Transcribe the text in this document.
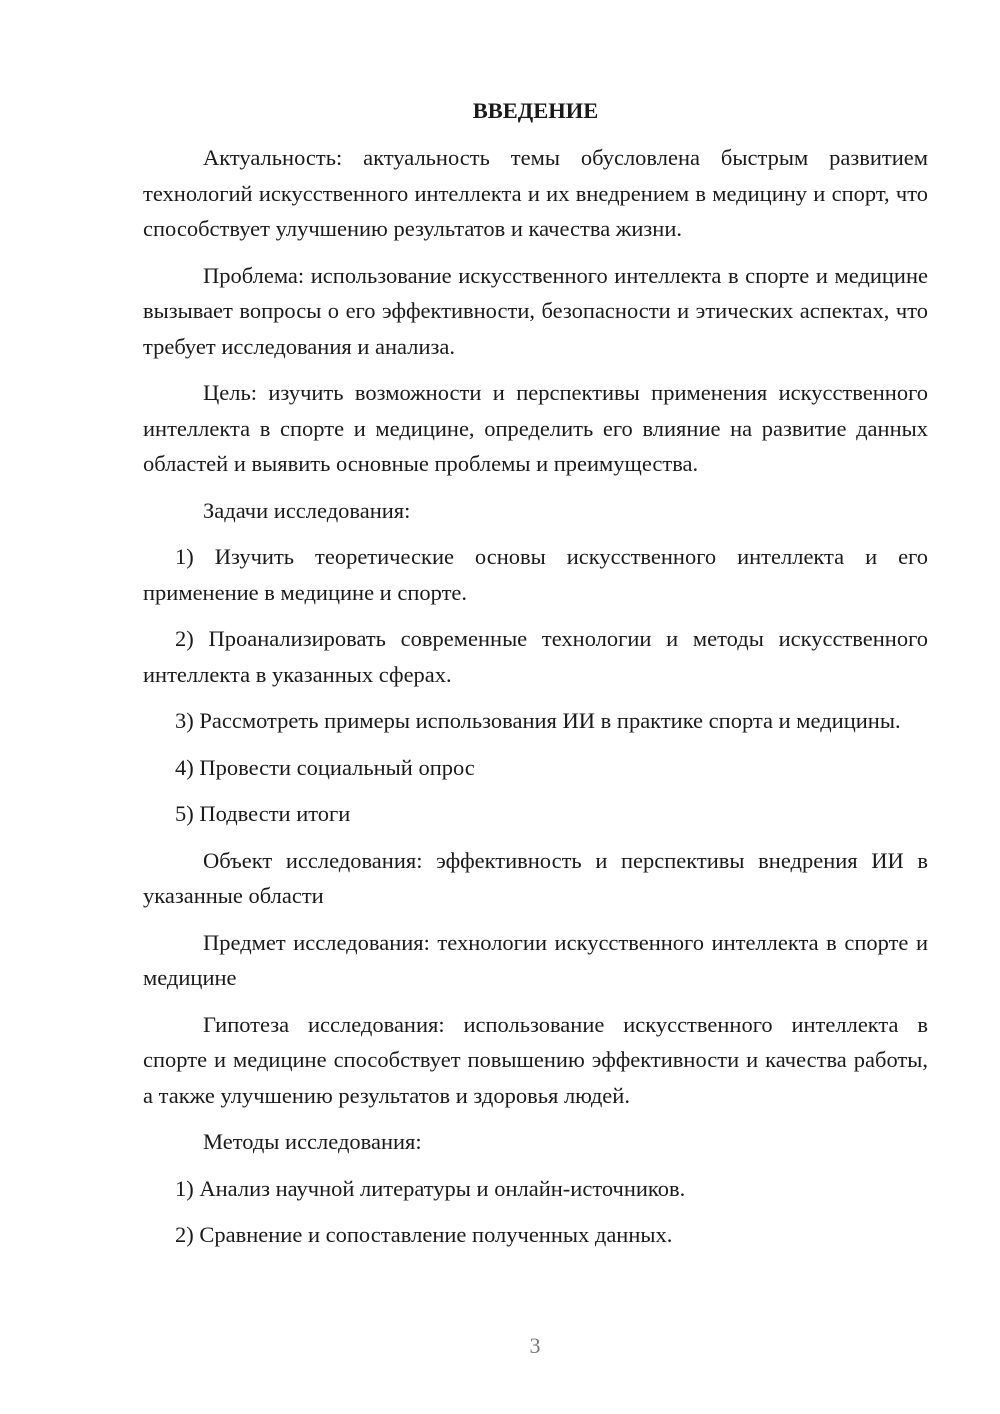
ВВЕДЕНИЕ

Актуальность: актуальность темы обусловлена быстрым развитием технологий искусственного интеллекта и их внедрением в медицину и спорт, что способствует улучшению результатов и качества жизни.

Проблема: использование искусственного интеллекта в спорте и медицине вызывает вопросы о его эффективности, безопасности и этических аспектах, что требует исследования и анализа.

Цель: изучить возможности и перспективы применения искусственного интеллекта в спорте и медицине, определить его влияние на развитие данных областей и выявить основные проблемы и преимущества.

Задачи исследования:

1) Изучить теоретические основы искусственного интеллекта и его применение в медицине и спорте.

2) Проанализировать современные технологии и методы искусственного интеллекта в указанных сферах.

3) Рассмотреть примеры использования ИИ в практике спорта и медицины.

4) Провести социальный опрос

5) Подвести итоги

Объект исследования: эффективность и перспективы внедрения ИИ в указанные области

Предмет исследования: технологии искусственного интеллекта в спорте и медицине

Гипотеза исследования: использование искусственного интеллекта в спорте и медицине способствует повышению эффективности и качества работы, а также улучшению результатов и здоровья людей.

Методы исследования:

1) Анализ научной литературы и онлайн-источников.

2) Сравнение и сопоставление полученных данных.

3
